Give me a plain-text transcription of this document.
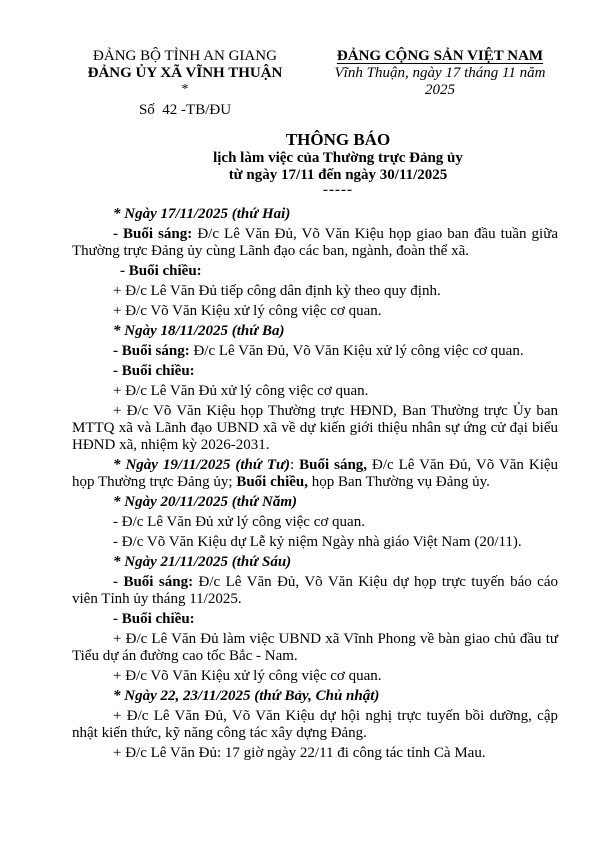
ĐẢNG BỘ TỈNH AN GIANG
ĐẢNG ỦY XÃ VĨNH THUẬN
*
Số  42 -TB/ĐU
ĐẢNG CỘNG SẢN VIỆT NAM
Vĩnh Thuận, ngày 17 tháng 11 năm 2025
THÔNG BÁO
lịch làm việc của Thường trực Đảng ủy
từ ngày 17/11 đến ngày 30/11/2025
-----

* Ngày 17/11/2025 (thứ Hai)

- Buổi sáng: Đ/c Lê Văn Đủ, Võ Văn Kiệu họp giao ban đầu tuần giữa Thường trực Đảng ủy cùng Lãnh đạo các ban, ngành, đoàn thể xã.

- Buổi chiều:

+ Đ/c Lê Văn Đủ tiếp công dân định kỳ theo quy định.

+ Đ/c Võ Văn Kiệu xử lý công việc cơ quan.

* Ngày 18/11/2025 (thứ Ba)

- Buổi sáng: Đ/c Lê Văn Đủ, Võ Văn Kiệu xử lý công việc cơ quan.

- Buổi chiều:

+ Đ/c Lê Văn Đủ xử lý công việc cơ quan.

+ Đ/c Võ Văn Kiệu họp Thường trực HĐND, Ban Thường trực Ủy ban MTTQ xã và Lãnh đạo UBND xã về dự kiến giới thiệu nhân sự ứng cử đại biểu HĐND xã, nhiệm kỳ 2026-2031.

* Ngày 19/11/2025 (thứ Tư): Buổi sáng, Đ/c Lê Văn Đủ, Võ Văn Kiệu họp Thường trực Đảng ủy; Buổi chiều, họp Ban Thường vụ Đảng ủy.

* Ngày 20/11/2025 (thứ Năm)

- Đ/c Lê Văn Đủ xử lý công việc cơ quan.

- Đ/c Võ Văn Kiệu dự Lễ kỷ niệm Ngày nhà giáo Việt Nam (20/11).

* Ngày 21/11/2025 (thứ Sáu)

- Buổi sáng: Đ/c Lê Văn Đủ, Võ Văn Kiệu dự họp trực tuyến báo cáo viên Tỉnh ủy tháng 11/2025.

- Buổi chiều:

+ Đ/c Lê Văn Đủ làm việc UBND xã Vĩnh Phong về bàn giao chủ đầu tư Tiểu dự án đường cao tốc Bắc - Nam.

+ Đ/c Võ Văn Kiệu xử lý công việc cơ quan.

* Ngày 22, 23/11/2025 (thứ Bảy, Chủ nhật)

+ Đ/c Lê Văn Đủ, Võ Văn Kiệu dự hội nghị trực tuyến bồi dưỡng, cập nhật kiến thức, kỹ năng công tác xây dựng Đảng.

+ Đ/c Lê Văn Đủ: 17 giờ ngày 22/11 đi công tác tỉnh Cà Mau.
